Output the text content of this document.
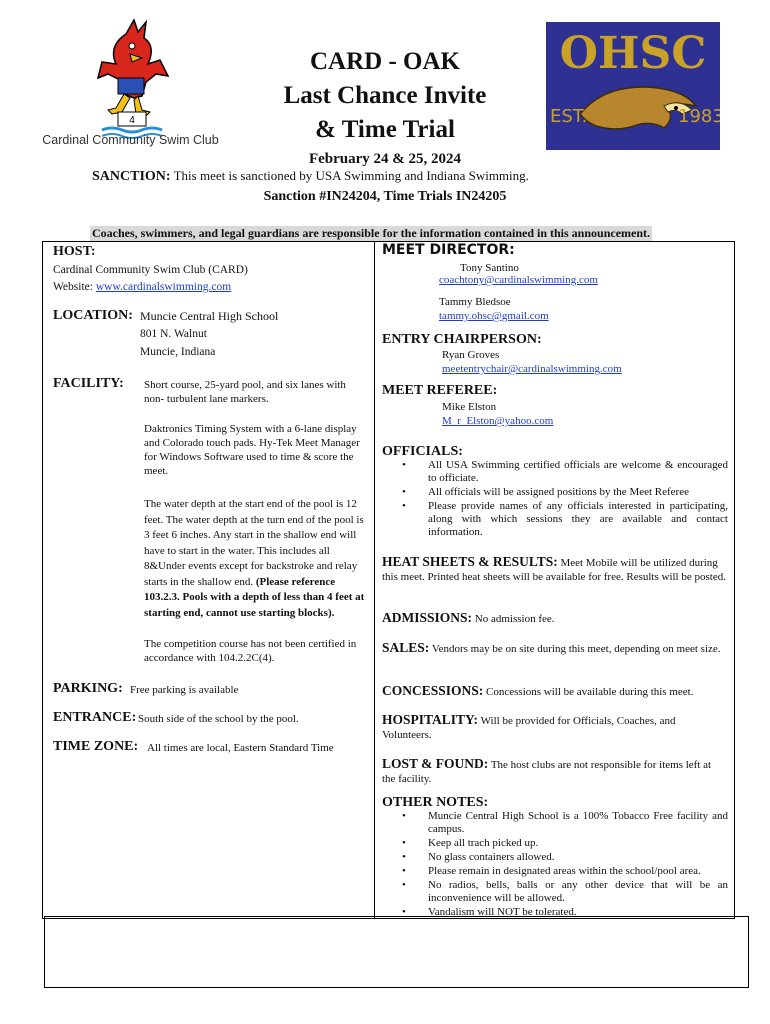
4
Cardinal Community Swim Club
OHSC
EST.	1983
CARD - OAK
Last Chance Invite
& Time Trial
February 24 & 25, 2024
SANCTION: This meet is sanctioned by USA Swimming and Indiana Swimming.
Sanction #IN24204, Time Trials IN24205
Coaches, swimmers, and legal guardians are responsible for the information contained in this announcement.
HOST:
Cardinal Community Swim Club (CARD)
Website: www.cardinalswimming.com
LOCATION: Muncie Central High School
801 N. Walnut
Muncie, Indiana
FACILITY: Short course, 25-yard pool, and six lanes with non- turbulent lane markers.
Daktronics Timing System with a 6-lane display and Colorado touch pads. Hy-Tek Meet Manager for Windows Software used to time & score the meet.
The water depth at the start end of the pool is 12 feet. The water depth at the turn end of the pool is 3 feet 6 inches. Any start in the shallow end will have to start in the water. This includes all 8&Under events except for backstroke and relay starts in the shallow end. (Please reference 103.2.3. Pools with a depth of less than 4 feet at starting end, cannot use starting blocks).
The competition course has not been certified in accordance with 104.2.2C(4).
PARKING: Free parking is available
ENTRANCE: South side of the school by the pool.
TIME ZONE: All times are local, Eastern Standard Time
MEET DIRECTOR:
Tony Santino
coachtony@cardinalswimming.com
Tammy Bledsoe
tammy.ohsc@gmail.com
ENTRY CHAIRPERSON:
Ryan Groves
meetentrychair@cardinalswimming.com
MEET REFEREE:
Mike Elston
M_r_Elston@yahoo.com
OFFICIALS:
• All USA Swimming certified officials are welcome & encouraged to officiate.
• All officials will be assigned positions by the Meet Referee
• Please provide names of any officials interested in participating, along with which sessions they are available and contact information.
HEAT SHEETS & RESULTS: Meet Mobile will be utilized during this meet. Printed heat sheets will be available for free. Results will be posted.
ADMISSIONS: No admission fee.
SALES: Vendors may be on site during this meet, depending on meet size.
CONCESSIONS: Concessions will be available during this meet.
HOSPITALITY: Will be provided for Officials, Coaches, and Volunteers.
LOST & FOUND: The host clubs are not responsible for items left at the facility.
OTHER NOTES:
• Muncie Central High School is a 100% Tobacco Free facility and campus.
• Keep all trach picked up.
• No glass containers allowed.
• Please remain in designated areas within the school/pool area.
• No radios, bells, balls or any other device that will be an inconvenience will be allowed.
• Vandalism will NOT be tolerated.
